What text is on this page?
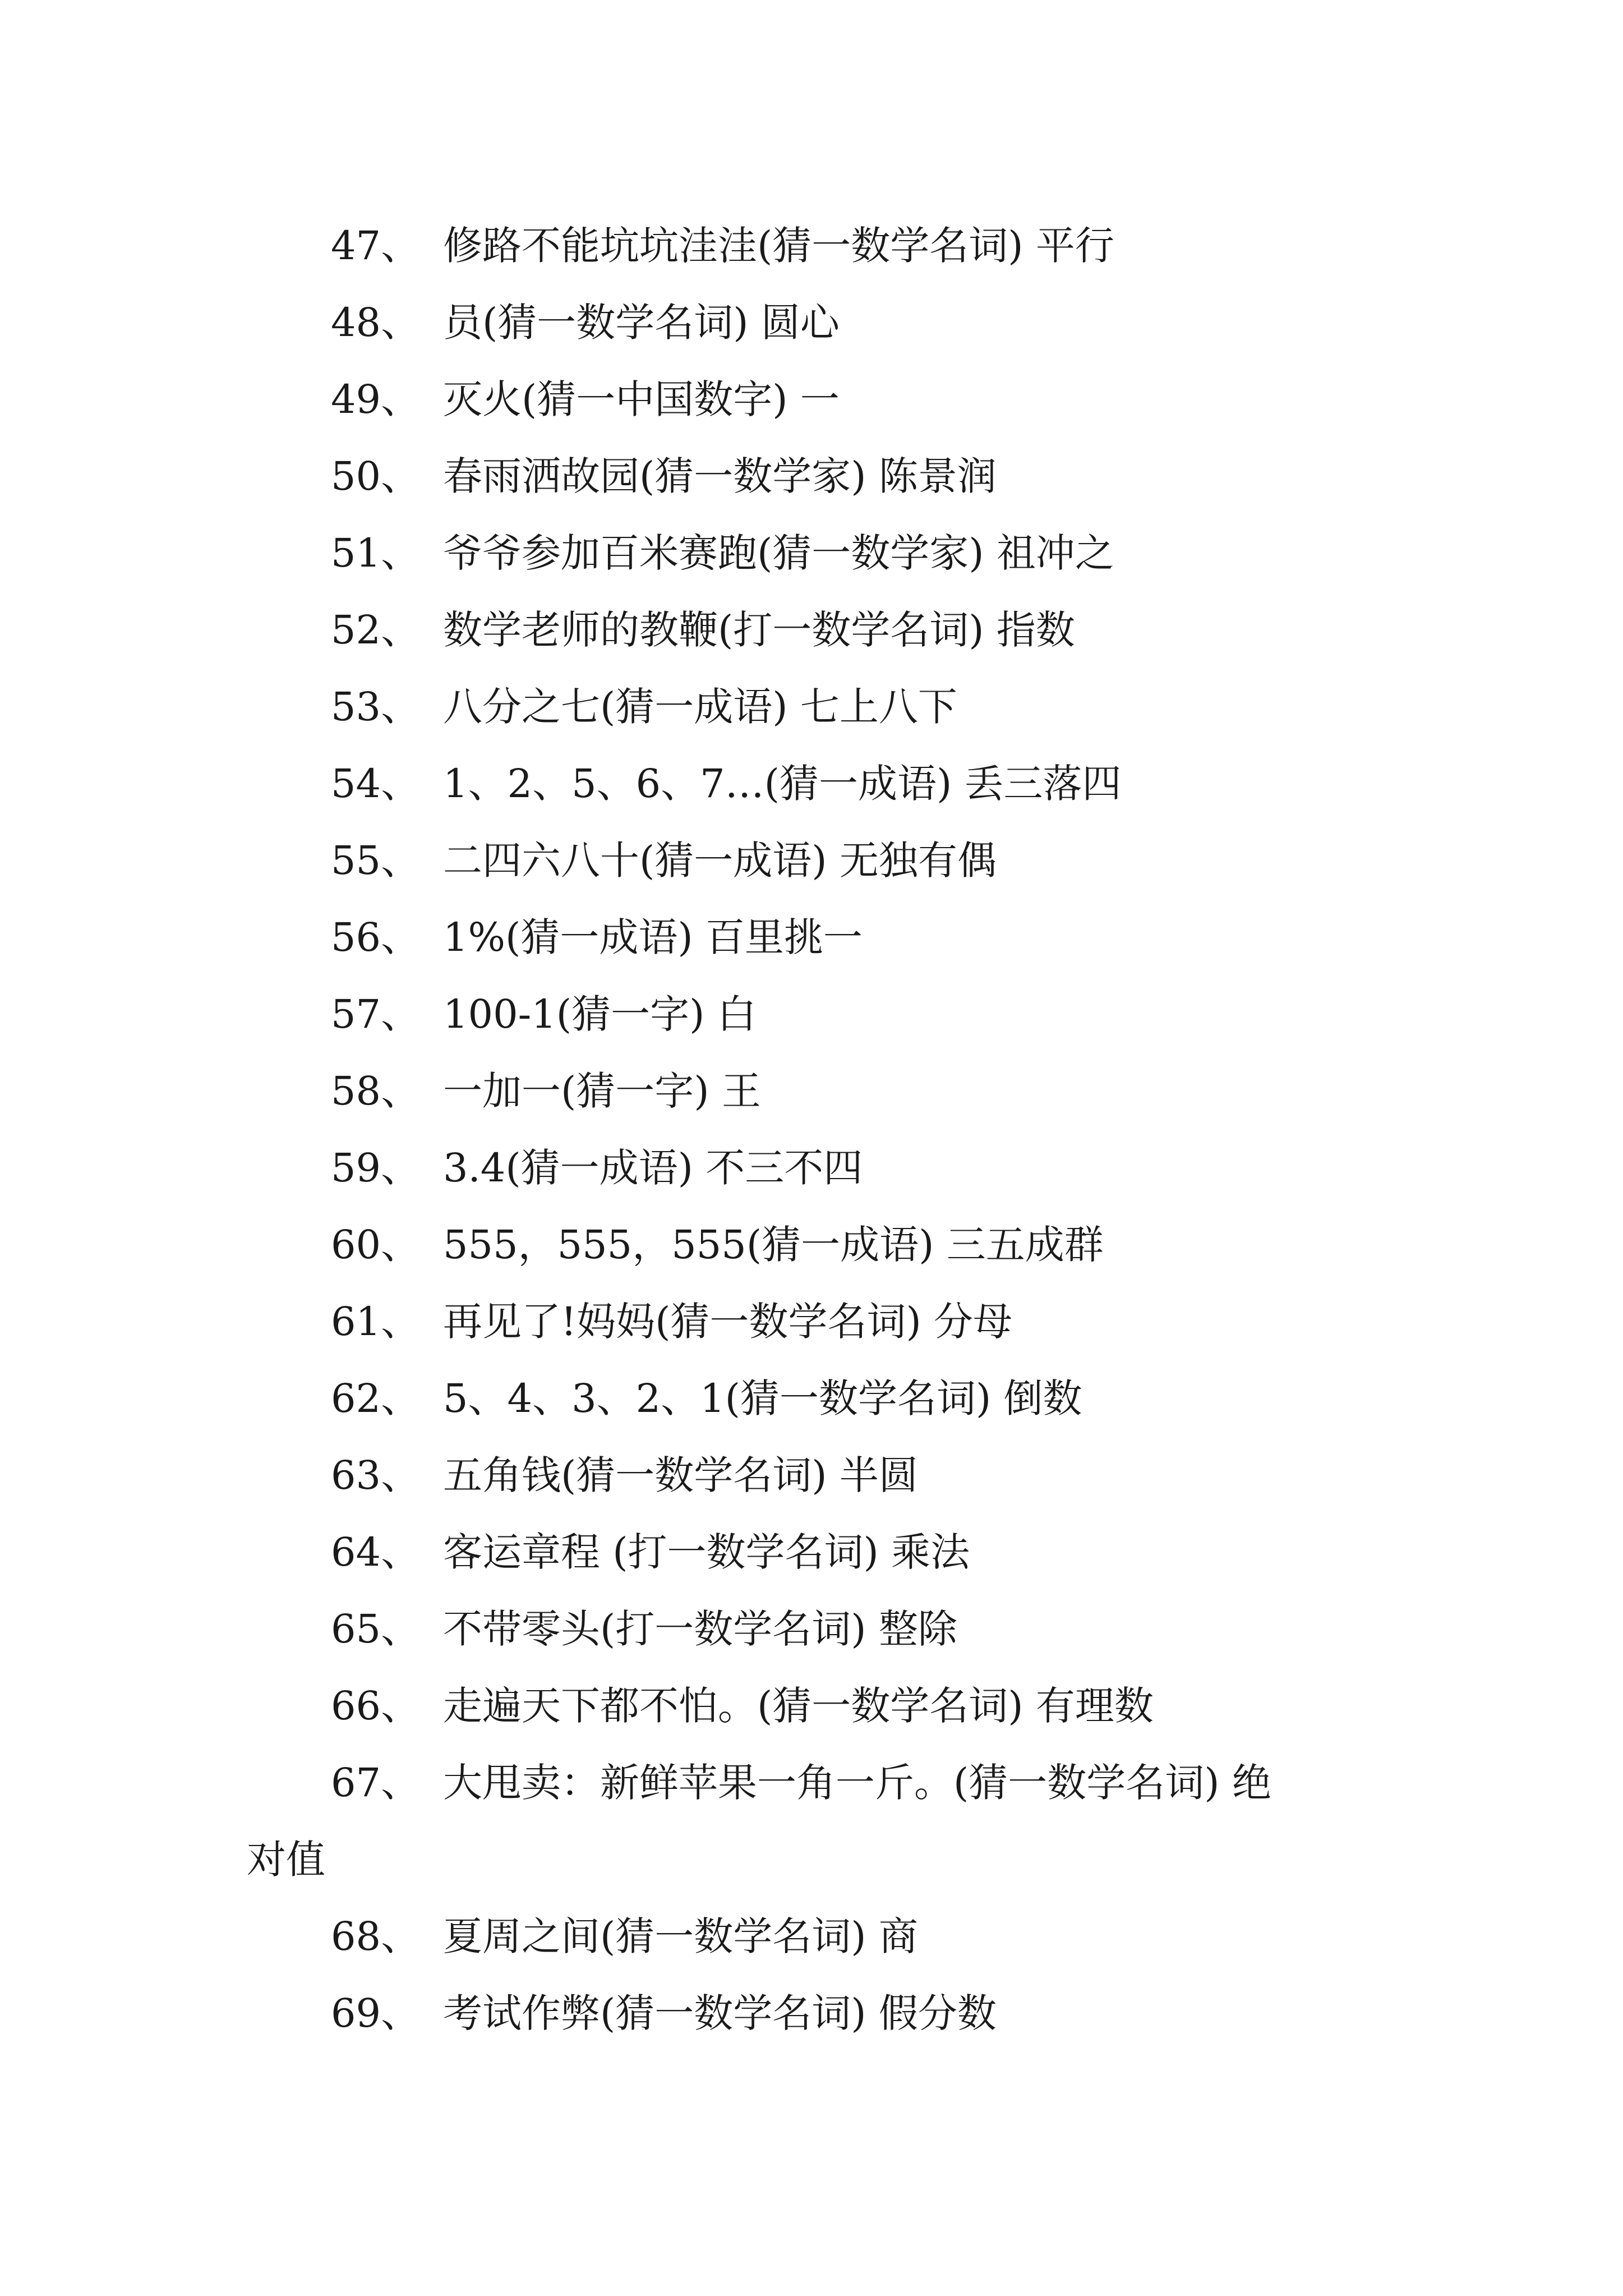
47、 修路不能坑坑洼洼(猜一数学名词) 平行
48、 员(猜一数学名词) 圆心
49、 灭火(猜一中国数字) 一
50、 春雨洒故园(猜一数学家) 陈景润
51、 爷爷参加百米赛跑(猜一数学家) 祖冲之
52、 数学老师的教鞭(打一数学名词) 指数
53、 八分之七(猜一成语) 七上八下
54、 1、2、5、6、7…(猜一成语) 丢三落四
55、 二四六八十(猜一成语) 无独有偶
56、 1%(猜一成语) 百里挑一
57、 100-1(猜一字) 白
58、 一加一(猜一字) 王
59、 3.4(猜一成语) 不三不四
60、 555，555，555(猜一成语) 三五成群
61、 再见了!妈妈(猜一数学名词) 分母
62、 5、4、3、2、1(猜一数学名词) 倒数
63、 五角钱(猜一数学名词) 半圆
64、 客运章程 (打一数学名词) 乘法
65、 不带零头(打一数学名词) 整除
66、 走遍天下都不怕。(猜一数学名词) 有理数
67、 大甩卖：新鲜苹果一角一斤。(猜一数学名词) 绝
对值
68、 夏周之间(猜一数学名词) 商
69、 考试作弊(猜一数学名词) 假分数
